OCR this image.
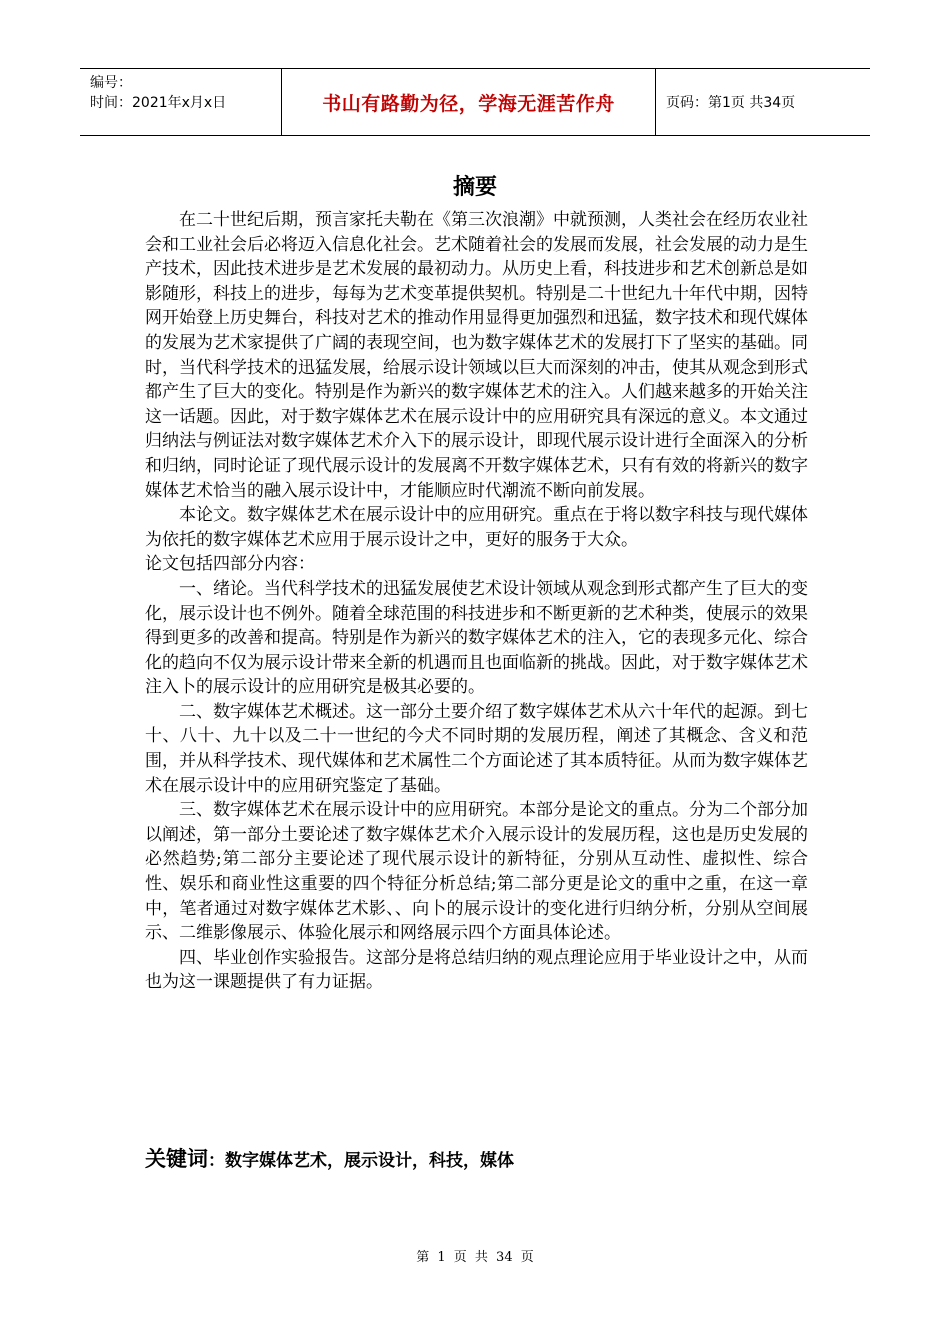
编号：
时间：2021年x月x日	书山有路勤为径，学海无涯苦作舟	页码：第1页 共34页
摘要

在二十世纪后期，预言家托夫勒在《第三次浪潮》中就预测，人类社会在经历农业社会和工业社会后必将迈入信息化社会。艺术随着社会的发展而发展，社会发展的动力是生产技术，因此技术进步是艺术发展的最初动力。从历史上看，科技进步和艺术创新总是如影随形，科技上的进步，每每为艺术变革提供契机。特别是二十世纪九十年代中期，因特网开始登上历史舞台，科技对艺术的推动作用显得更加强烈和迅猛，数字技术和现代媒体的发展为艺术家提供了广阔的表现空间，也为数字媒体艺术的发展打下了坚实的基础。同时，当代科学技术的迅猛发展，给展示设计领域以巨大而深刻的冲击，使其从观念到形式都产生了巨大的变化。特别是作为新兴的数字媒体艺术的注入。人们越来越多的开始关注这一话题。因此，对于数字媒体艺术在展示设计中的应用研究具有深远的意义。本文通过归纳法与例证法对数字媒体艺术介入下的展示设计，即现代展示设计进行全面深入的分析和归纳，同时论证了现代展示设计的发展离不开数字媒体艺术，只有有效的将新兴的数字媒体艺术恰当的融入展示设计中，才能顺应时代潮流不断向前发展。

本论文。数字媒体艺术在展示设计中的应用研究。重点在于将以数字科技与现代媒体为依托的数字媒体艺术应用于展示设计之中，更好的服务于大众。

论文包括四部分内容：

一、绪论。当代科学技术的迅猛发展使艺术设计领域从观念到形式都产生了巨大的变化，展示设计也不例外。随着全球范围的科技进步和不断更新的艺术种类，使展示的效果得到更多的改善和提高。特别是作为新兴的数字媒体艺术的注入，它的表现多元化、综合化的趋向不仅为展示设计带来全新的机遇而且也面临新的挑战。因此，对于数字媒体艺术注入卜的展示设计的应用研究是极其必要的。

二、数字媒体艺术概述。这一部分土要介绍了数字媒体艺术从六十年代的起源。到七十、八十、九十以及二十一世纪的今犬不同时期的发展历程，阐述了其概念、含义和范围，并从科学技术、现代媒体和艺术属性二个方面论述了其本质特征。从而为数字媒体艺术在展示设计中的应用研究鉴定了基础。

三、数字媒体艺术在展示设计中的应用研究。本部分是论文的重点。分为二个部分加以阐述，第一部分土要论述了数字媒体艺术介入展示设计的发展历程，这也是历史发展的必然趋势;第二部分主要论述了现代展示设计的新特征，分别从互动性、虚拟性、综合性、娱乐和商业性这重要的四个特征分析总结;第二部分更是论文的重中之重，在这一章中，笔者通过对数字媒体艺术影、、向卜的展示设计的变化进行归纳分析，分别从空间展示、二维影像展示、体验化展示和网络展示四个方面具体论述。

四、毕业创作实验报告。这部分是将总结归纳的观点理论应用于毕业设计之中，从而也为这一课题提供了有力证据。

关键词：数字媒体艺术，展示设计，科技，媒体
第 1 页 共 34 页
